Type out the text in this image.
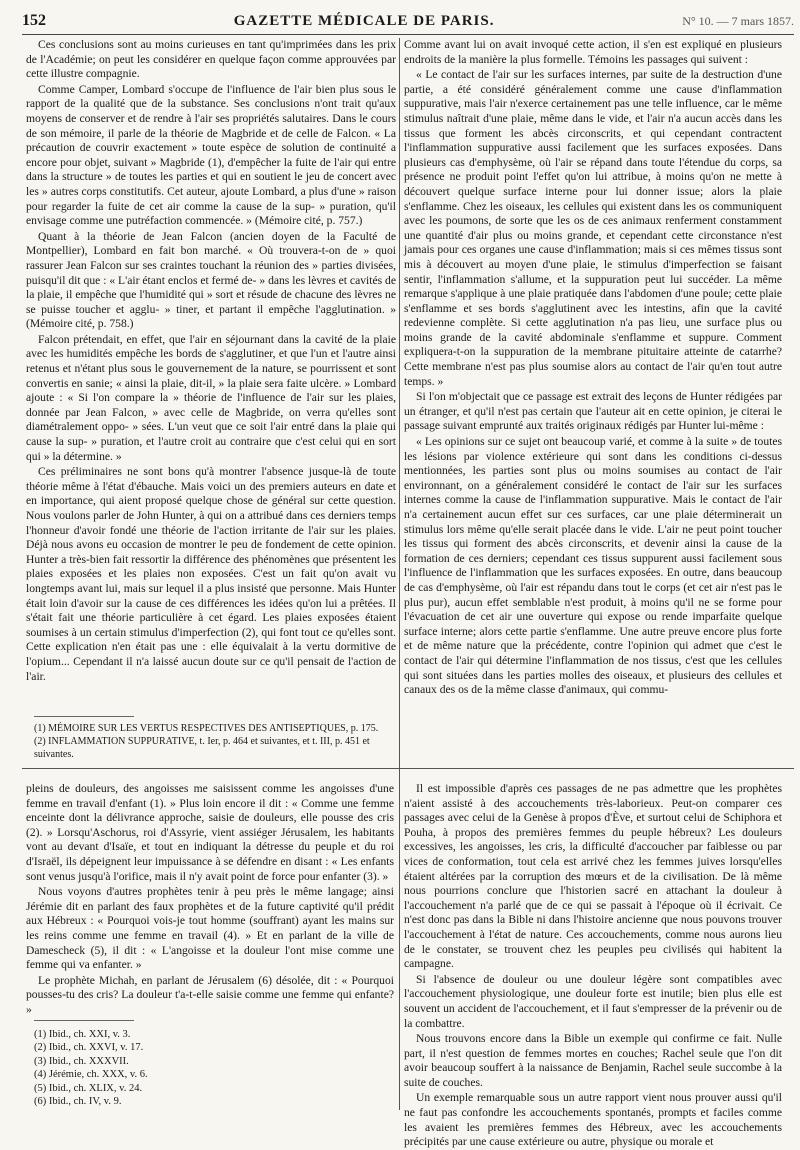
152	GAZETTE MÉDICALE DE PARIS.	N° 10. — 7 mars 1857.

Ces conclusions sont au moins curieuses en tant qu'imprimées dans les prix de l'Académie; on peut les considérer en quelque façon comme approuvées par cette illustre compagnie.

Comme Camper, Lombard s'occupe de l'influence de l'air bien plus sous le rapport de la qualité que de la substance. Ses conclusions n'ont trait qu'aux moyens de conserver et de rendre à l'air ses propriétés salutaires. Dans le cours de son mémoire, il parle de la théorie de Magbride et de celle de Falcon. « La précaution de couvrir exactement » toute espèce de solution de continuité a encore pour objet, suivant » Magbride (1), d'empêcher la fuite de l'air qui entre dans la structure » de toutes les parties et qui en soutient le jeu de concert avec les » autres corps constitutifs. Cet auteur, ajoute Lombard, a plus d'une » raison pour regarder la fuite de cet air comme la cause de la sup- » puration, qu'il envisage comme une putréfaction commencée. » (Mémoire cité, p. 757.)

Quant à la théorie de Jean Falcon (ancien doyen de la Faculté de Montpellier), Lombard en fait bon marché. « Où trouvera-t-on de » quoi rassurer Jean Falcon sur ses craintes touchant la réunion des » parties divisées, puisqu'il dit que : « L'air étant enclos et fermé de- » dans les lèvres et cavités de la plaie, il empêche que l'humidité qui » sort et résude de chacune des lèvres ne se puisse toucher et agglu- » tiner, et partant il empêche l'agglutination. » (Mémoire cité, p. 758.)

Falcon prétendait, en effet, que l'air en séjournant dans la cavité de la plaie avec les humidités empêche les bords de s'agglutiner, et que l'un et l'autre ainsi retenus et n'étant plus sous le gouvernement de la nature, se pourrissent et sont convertis en sanie; « ainsi la plaie, dit-il, » la plaie sera faite ulcère. » Lombard ajoute : « Si l'on compare la » théorie de l'influence de l'air sur les plaies, donnée par Jean Falcon, » avec celle de Magbride, on verra qu'elles sont diamétralement oppo- » sées. L'un veut que ce soit l'air entré dans la plaie qui cause la sup- » puration, et l'autre croit au contraire que c'est celui qui en sort qui » la détermine. »

Ces préliminaires ne sont bons qu'à montrer l'absence jusque-là de toute théorie même à l'état d'ébauche. Mais voici un des premiers auteurs en date et en importance, qui aient proposé quelque chose de général sur cette question. Nous voulons parler de John Hunter, à qui on a attribué dans ces derniers temps l'honneur d'avoir fondé une théorie de l'action irritante de l'air sur les plaies. Déjà nous avons eu occasion de montrer le peu de fondement de cette opinion. Hunter a très-bien fait ressortir la différence des phénomènes que présentent les plaies exposées et les plaies non exposées. C'est un fait qu'on avait vu longtemps avant lui, mais sur lequel il a plus insisté que personne. Mais Hunter était loin d'avoir sur la cause de ces différences les idées qu'on lui a prêtées. Il s'était fait une théorie particulière à cet égard. Les plaies exposées étaient soumises à un certain stimulus d'imperfection (2), qui font tout ce qu'elles sont. Cette explication n'en était pas une : elle équivalait à la vertu dormitive de l'opium... Cependant il n'a laissé aucun doute sur ce qu'il pensait de l'action de l'air.

(1) MÉMOIRE SUR LES VERTUS RESPECTIVES DES ANTISEPTIQUES, p. 175.
(2) INFLAMMATION SUPPURATIVE, t. Ier, p. 464 et suivantes, et t. III, p. 451 et
suivantes.

Comme avant lui on avait invoqué cette action, il s'en est expliqué en plusieurs endroits de la manière la plus formelle. Témoins les passages qui suivent :

« Le contact de l'air sur les surfaces internes, par suite de la destruction d'une partie, a été considéré généralement comme une cause d'inflammation suppurative, mais l'air n'exerce certainement pas une telle influence, car le même stimulus naîtrait d'une plaie, même dans le vide, et l'air n'a aucun accès dans les tissus que forment les abcès circonscrits, et qui cependant contractent l'inflammation suppurative aussi facilement que les surfaces exposées. Dans plusieurs cas d'emphysème, où l'air se répand dans toute l'étendue du corps, sa présence ne produit point l'effet qu'on lui attribue, à moins qu'on ne mette à découvert quelque surface interne pour lui donner issue; alors la plaie s'enflamme. Chez les oiseaux, les cellules qui existent dans les os communiquent avec les poumons, de sorte que les os de ces animaux renferment constamment une quantité d'air plus ou moins grande, et cependant cette circonstance n'est jamais pour ces organes une cause d'inflammation; mais si ces mêmes tissus sont mis à découvert au moyen d'une plaie, le stimulus d'imperfection se faisant sentir, l'inflammation s'allume, et la suppuration peut lui succéder. La même remarque s'applique à une plaie pratiquée dans l'abdomen d'une poule; cette plaie s'enflamme et ses bords s'agglutinent avec les intestins, afin que la cavité redevienne complète. Si cette agglutination n'a pas lieu, une surface plus ou moins grande de la cavité abdominale s'enflamme et suppure. Comment expliquera-t-on la suppuration de la membrane pituitaire atteinte de catarrhe? Cette membrane n'est pas plus soumise alors au contact de l'air qu'en tout autre temps. »

Si l'on m'objectait que ce passage est extrait des leçons de Hunter rédigées par un étranger, et qu'il n'est pas certain que l'auteur ait en cette opinion, je citerai le passage suivant emprunté aux traités originaux rédigés par Hunter lui-même :

« Les opinions sur ce sujet ont beaucoup varié, et comme à la suite » de toutes les lésions par violence extérieure qui sont dans les conditions ci-dessus mentionnées, les parties sont plus ou moins soumises au contact de l'air environnant, on a généralement considéré le contact de l'air sur les surfaces internes comme la cause de l'inflammation suppurative. Mais le contact de l'air n'a certainement aucun effet sur ces surfaces, car une plaie déterminerait un stimulus lors même qu'elle serait placée dans le vide. L'air ne peut point toucher les tissus qui forment des abcès circonscrits, et devenir ainsi la cause de la formation de ces derniers; cependant ces tissus suppurent aussi facilement sous l'influence de l'inflammation que les surfaces exposées. En outre, dans beaucoup de cas d'emphysème, où l'air est répandu dans tout le corps (et cet air n'est pas le plus pur), aucun effet semblable n'est produit, à moins qu'il ne se forme pour l'évacuation de cet air une ouverture qui expose ou rende imparfaite quelque surface interne; alors cette partie s'enflamme. Une autre preuve encore plus forte et de même nature que la précédente, contre l'opinion qui admet que c'est le contact de l'air qui détermine l'inflammation de nos tissus, c'est que les cellules qui sont situées dans les parties molles des oiseaux, et plusieurs des cellules et canaux des os de la même classe d'animaux, qui commu-

pleins de douleurs, des angoisses me saisissent comme les angoisses d'une femme en travail d'enfant (1). » Plus loin encore il dit : « Comme une femme enceinte dont la délivrance approche, saisie de douleurs, elle pousse des cris (2). » Lorsqu'Aschorus, roi d'Assyrie, vient assiéger Jérusalem, les habitants vont au devant d'Isaïe, et tout en indiquant la détresse du peuple et du roi d'Israël, ils dépeignent leur impuissance à se défendre en disant : « Les enfants sont venus jusqu'à l'orifice, mais il n'y avait point de force pour enfanter (3). »

Nous voyons d'autres prophètes tenir à peu près le même langage; ainsi Jérémie dit en parlant des faux prophètes et de la future captivité qu'il prédit aux Hébreux : « Pourquoi vois-je tout homme (souffrant) ayant les mains sur les reins comme une femme en travail (4). » Et en parlant de la ville de Damescheck (5), il dit : « L'angoisse et la douleur l'ont mise comme une femme qui va enfanter. »

Le prophète Michah, en parlant de Jérusalem (6) désolée, dit : « Pourquoi pousses-tu des cris? La douleur t'a-t-elle saisie comme une femme qui enfante? »

(1) Ibid., ch. XXI, v. 3.
(2) Ibid., ch. XXVI, v. 17.
(3) Ibid., ch. XXXVII.
(4) Jérémie, ch. XXX, v. 6.
(5) Ibid., ch. XLIX, v. 24.
(6) Ibid., ch. IV, v. 9.

Il est impossible d'après ces passages de ne pas admettre que les prophètes n'aient assisté à des accouchements très-laborieux. Peut-on comparer ces passages avec celui de la Genèse à propos d'Ève, et surtout celui de Schiphora et Pouha, à propos des premières femmes du peuple hébreux? Les douleurs excessives, les angoisses, les cris, la difficulté d'accoucher par faiblesse ou par vices de conformation, tout cela est arrivé chez les femmes juives lorsqu'elles étaient altérées par la corruption des mœurs et de la civilisation. De là même nous pourrions conclure que l'historien sacré en attachant la douleur à l'accouchement n'a parlé que de ce qui se passait à l'époque où il écrivait. Ce n'est donc pas dans la Bible ni dans l'histoire ancienne que nous pouvons trouver l'accouchement à l'état de nature. Ces accouchements, comme nous aurons lieu de le constater, se trouvent chez les peuples peu civilisés qui habitent la campagne.

Si l'absence de douleur ou une douleur légère sont compatibles avec l'accouchement physiologique, une douleur forte est inutile; bien plus elle est souvent un accident de l'accouchement, et il faut s'empresser de la prévenir ou de la combattre.

Nous trouvons encore dans la Bible un exemple qui confirme ce fait. Nulle part, il n'est question de femmes mortes en couches; Rachel seule que l'on dit avoir beaucoup souffert à la naissance de Benjamin, Rachel seule succombe à la suite de couches.

Un exemple remarquable sous un autre rapport vient nous prouver aussi qu'il ne faut pas confondre les accouchements spontanés, prompts et faciles comme les avaient les premières femmes des Hébreux, avec les accouchements précipités par une cause extérieure ou autre, physique ou morale et
